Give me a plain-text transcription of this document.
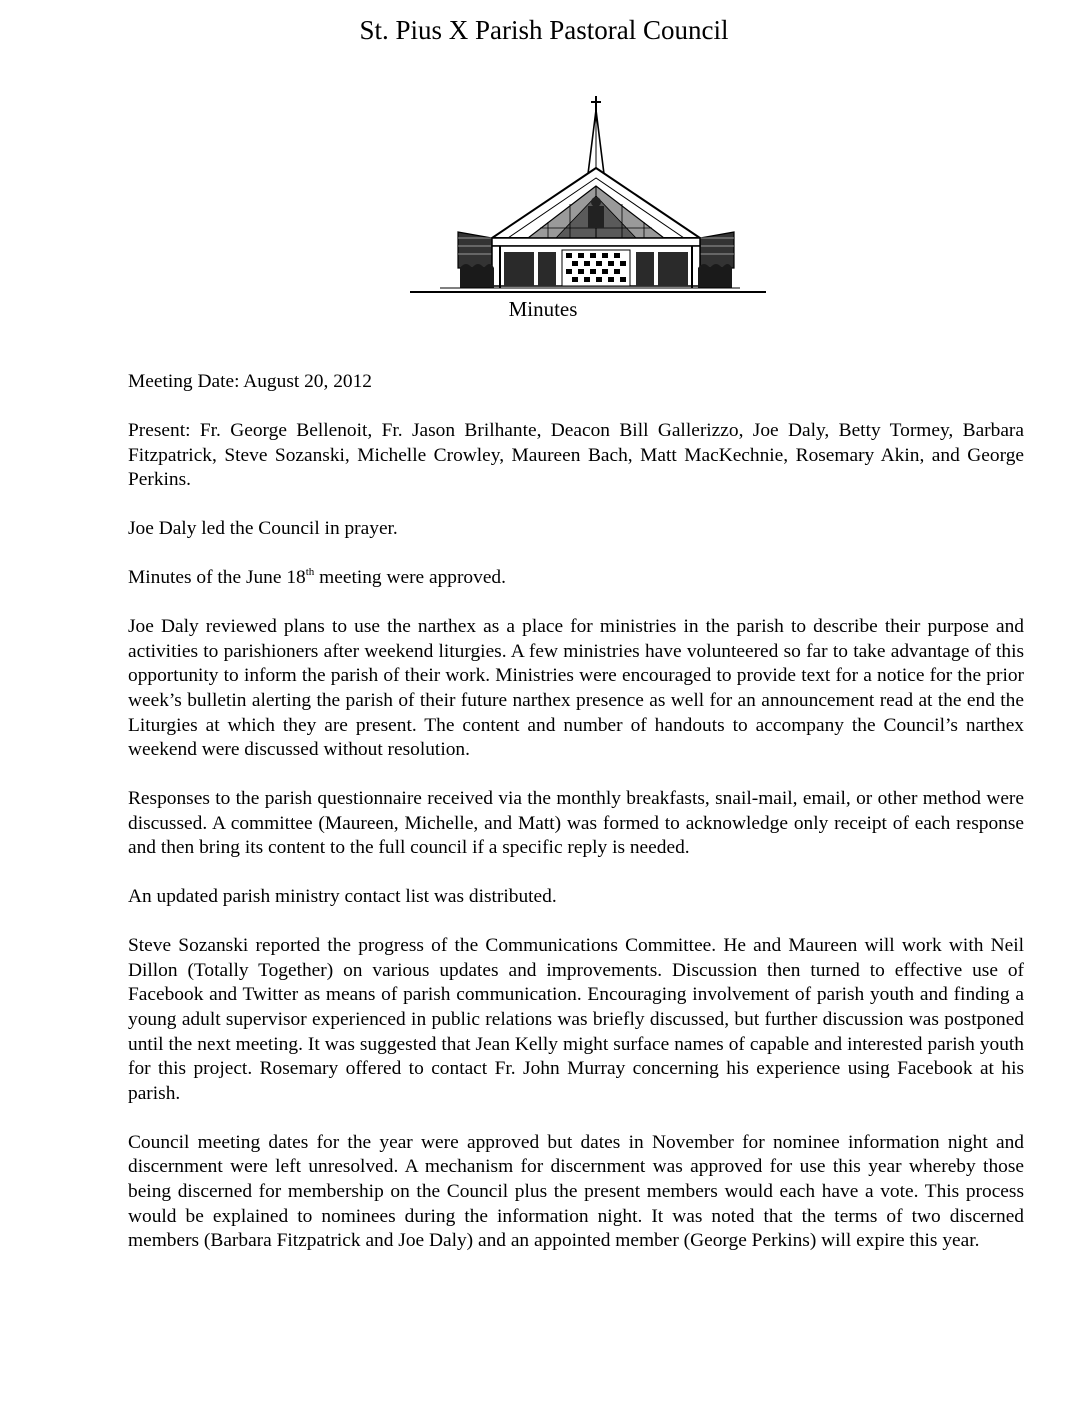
St. Pius X Parish Pastoral Council
Minutes

Meeting Date: August 20, 2012

Present: Fr. George Bellenoit, Fr. Jason Brilhante, Deacon Bill Gallerizzo, Joe Daly, Betty Tormey, Barbara Fitzpatrick, Steve Sozanski, Michelle Crowley, Maureen Bach, Matt MacKechnie, Rosemary Akin, and George Perkins.

Joe Daly led the Council in prayer.

Minutes of the June 18th meeting were approved.

Joe Daly reviewed plans to use the narthex as a place for ministries in the parish to describe their purpose and activities to parishioners after weekend liturgies. A few ministries have volunteered so far to take advantage of this opportunity to inform the parish of their work. Ministries were encouraged to provide text for a notice for the prior week’s bulletin alerting the parish of their future narthex presence as well for an announcement read at the end the Liturgies at which they are present. The content and number of handouts to accompany the Council’s narthex weekend were discussed without resolution.

Responses to the parish questionnaire received via the monthly breakfasts, snail-mail, email, or other method were discussed. A committee (Maureen, Michelle, and Matt) was formed to acknowledge only receipt of each response and then bring its content to the full council if a specific reply is needed.

An updated parish ministry contact list was distributed.

Steve Sozanski reported the progress of the Communications Committee. He and Maureen will work with Neil Dillon (Totally Together) on various updates and improvements. Discussion then turned to effective use of Facebook and Twitter as means of parish communication. Encouraging involvement of parish youth and finding a young adult supervisor experienced in public relations was briefly discussed, but further discussion was postponed until the next meeting. It was suggested that Jean Kelly might surface names of capable and interested parish youth for this project. Rosemary offered to contact Fr. John Murray concerning his experience using Facebook at his parish.

Council meeting dates for the year were approved but dates in November for nominee information night and discernment were left unresolved. A mechanism for discernment was approved for use this year whereby those being discerned for membership on the Council plus the present members would each have a vote. This process would be explained to nominees during the information night. It was noted that the terms of two discerned members (Barbara Fitzpatrick and Joe Daly) and an appointed member (George Perkins) will expire this year.
